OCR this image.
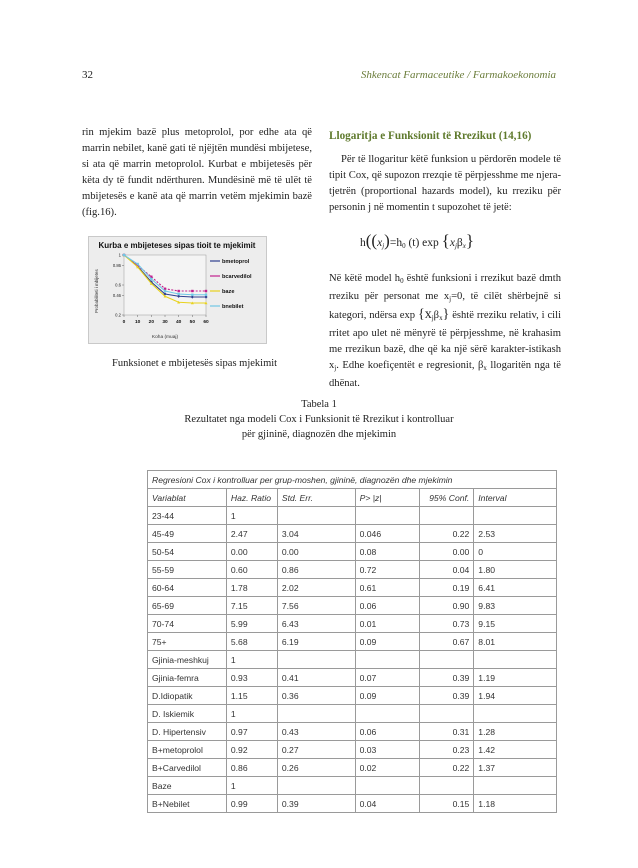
32	Shkencat Farmaceutike / Farmakoekonomia
rin mjekim bazë plus metoprolol, por edhe ata që marrin nebilet, kanë gati të njëjtën mundësi mbijetese, si ata që marrin metoprolol. Kurbat e mbijetesës për këta dy të fundit ndërthuren. Mundësinë më të ulët të mbijetesës e kanë ata që marrin vetëm mjekimin bazë (fig.16).
Kurba e mbijeteses sipas tioit te mjekimit
1
0.86
0.6
0.46
0.2
0 10 20 30 40 50 60
bmetoprol
bcarvedilol
baze
bnebilet
Probabiliteti i mbijetes
Koha (muaj)
Funksionet e mbijetesës sipas mjekimit
Llogaritja e Funksionit të Rrezikut (14,16)
Për të llogaritur këtë funksion u përdorën modele të tipit Cox, që supozon rrezqie të përpjesshme me njera-tjetrën (proportional hazards model), ku rreziku për personin j në momentin t supozohet të jetë:
$h((x_j)=h_0$ (t) $\exp \{x_j\beta_x\}$
Në këtë model $h_0$ është funksioni i rrezikut bazë dmth rreziku për personat me $x_j=0$, të cilët shërbejnë si kategori, ndërsa $\exp \{x_j\beta_x\}$ është rreziku relativ, i cili rritet apo ulet në mënyrë të përpjesshme, në krahasim me rrezikun bazë, dhe që ka një sërë karakter-istikash $x_j$. Edhe koefiçentët e regresionit, $\beta_x$ llogaritën nga të dhënat.
Tabela 1
Rezultatet nga modeli Cox i Funksionit të Rrezikut i kontrolluar
për gjininë, diagnozën dhe mjekimin
Regresioni Cox i kontrolluar per grup-moshen, gjininë, diagnozën dhe mjekimin					
Variablat	Haz. Ratio	Std. Err.	P> |z|	95% Conf.	Interval
23-44	1				
45-49	2.47	3.04	0.046	0.22	2.53
50-54	0.00	0.00	0.08	0.00	0
55-59	0.60	0.86	0.72	0.04	1.80
60-64	1.78	2.02	0.61	0.19	6.41
65-69	7.15	7.56	0.06	0.90	9.83
70-74	5.99	6.43	0.01	0.73	9.15
75+	5.68	6.19	0.09	0.67	8.01
Gjinia-meshkuj	1				
Gjinia-femra	0.93	0.41	0.07	0.39	1.19
D.Idiopatik	1.15	0.36	0.09	0.39	1.94
D. Iskiemik	1				
D. Hipertensiv	0.97	0.43	0.06	0.31	1.28
B+metoprolol	0.92	0.27	0.03	0.23	1.42
B+Carvedilol	0.86	0.26	0.02	0.22	1.37
Baze	1				
B+Nebilet	0.99	0.39	0.04	0.15	1.18
